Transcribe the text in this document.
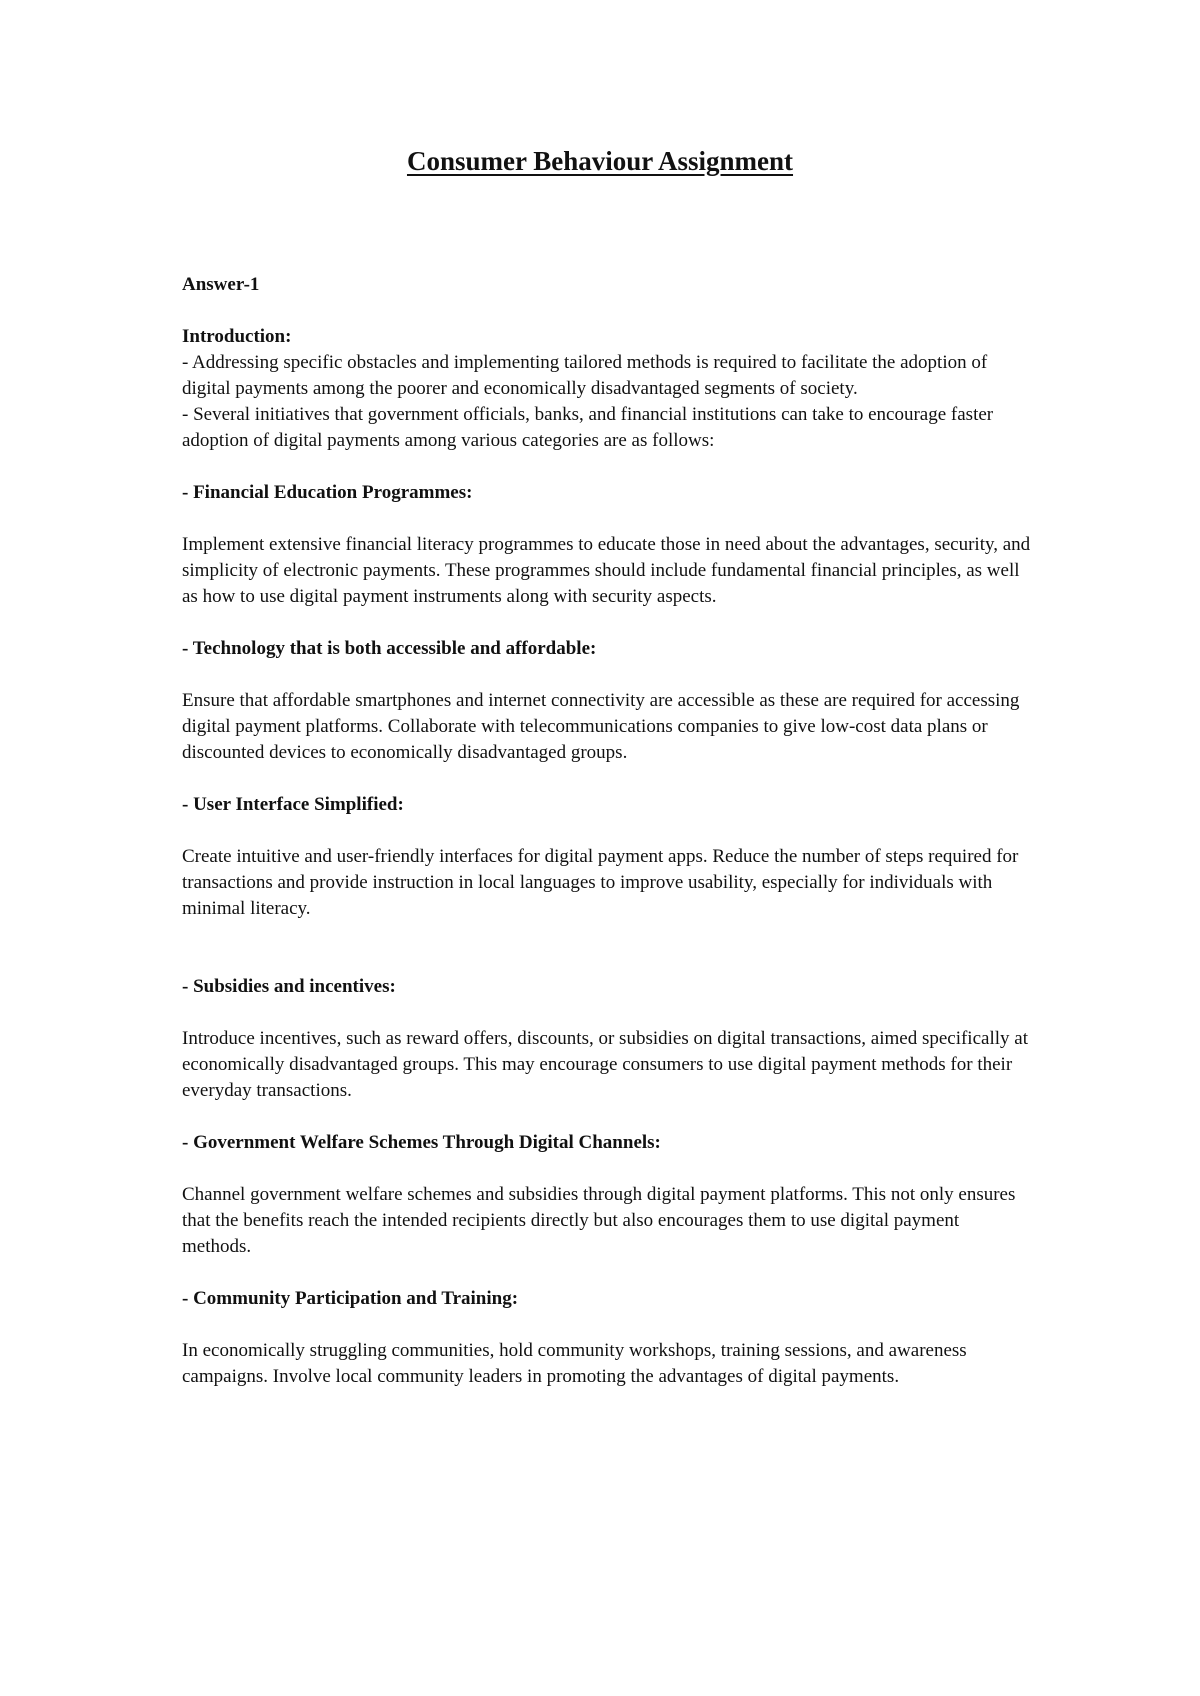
Consumer Behaviour Assignment

Answer-1

Introduction:

- Addressing specific obstacles and implementing tailored methods is required to facilitate the adoption of digital payments among the poorer and economically disadvantaged segments of society.

- Several initiatives that government officials, banks, and financial institutions can take to encourage faster adoption of digital payments among various categories are as follows:

- Financial Education Programmes:

Implement extensive financial literacy programmes to educate those in need about the advantages, security, and simplicity of electronic payments. These programmes should include fundamental financial principles, as well as how to use digital payment instruments along with security aspects.

- Technology that is both accessible and affordable:

Ensure that affordable smartphones and internet connectivity are accessible as these are required for accessing digital payment platforms. Collaborate with telecommunications companies to give low-cost data plans or discounted devices to economically disadvantaged groups.

- User Interface Simplified:

Create intuitive and user-friendly interfaces for digital payment apps. Reduce the number of steps required for transactions and provide instruction in local languages to improve usability, especially for individuals with minimal literacy.

- Subsidies and incentives:

Introduce incentives, such as reward offers, discounts, or subsidies on digital transactions, aimed specifically at economically disadvantaged groups. This may encourage consumers to use digital payment methods for their everyday transactions.

- Government Welfare Schemes Through Digital Channels:

Channel government welfare schemes and subsidies through digital payment platforms. This not only ensures that the benefits reach the intended recipients directly but also encourages them to use digital payment methods.

- Community Participation and Training:

In economically struggling communities, hold community workshops, training sessions, and awareness campaigns. Involve local community leaders in promoting the advantages of digital payments.
